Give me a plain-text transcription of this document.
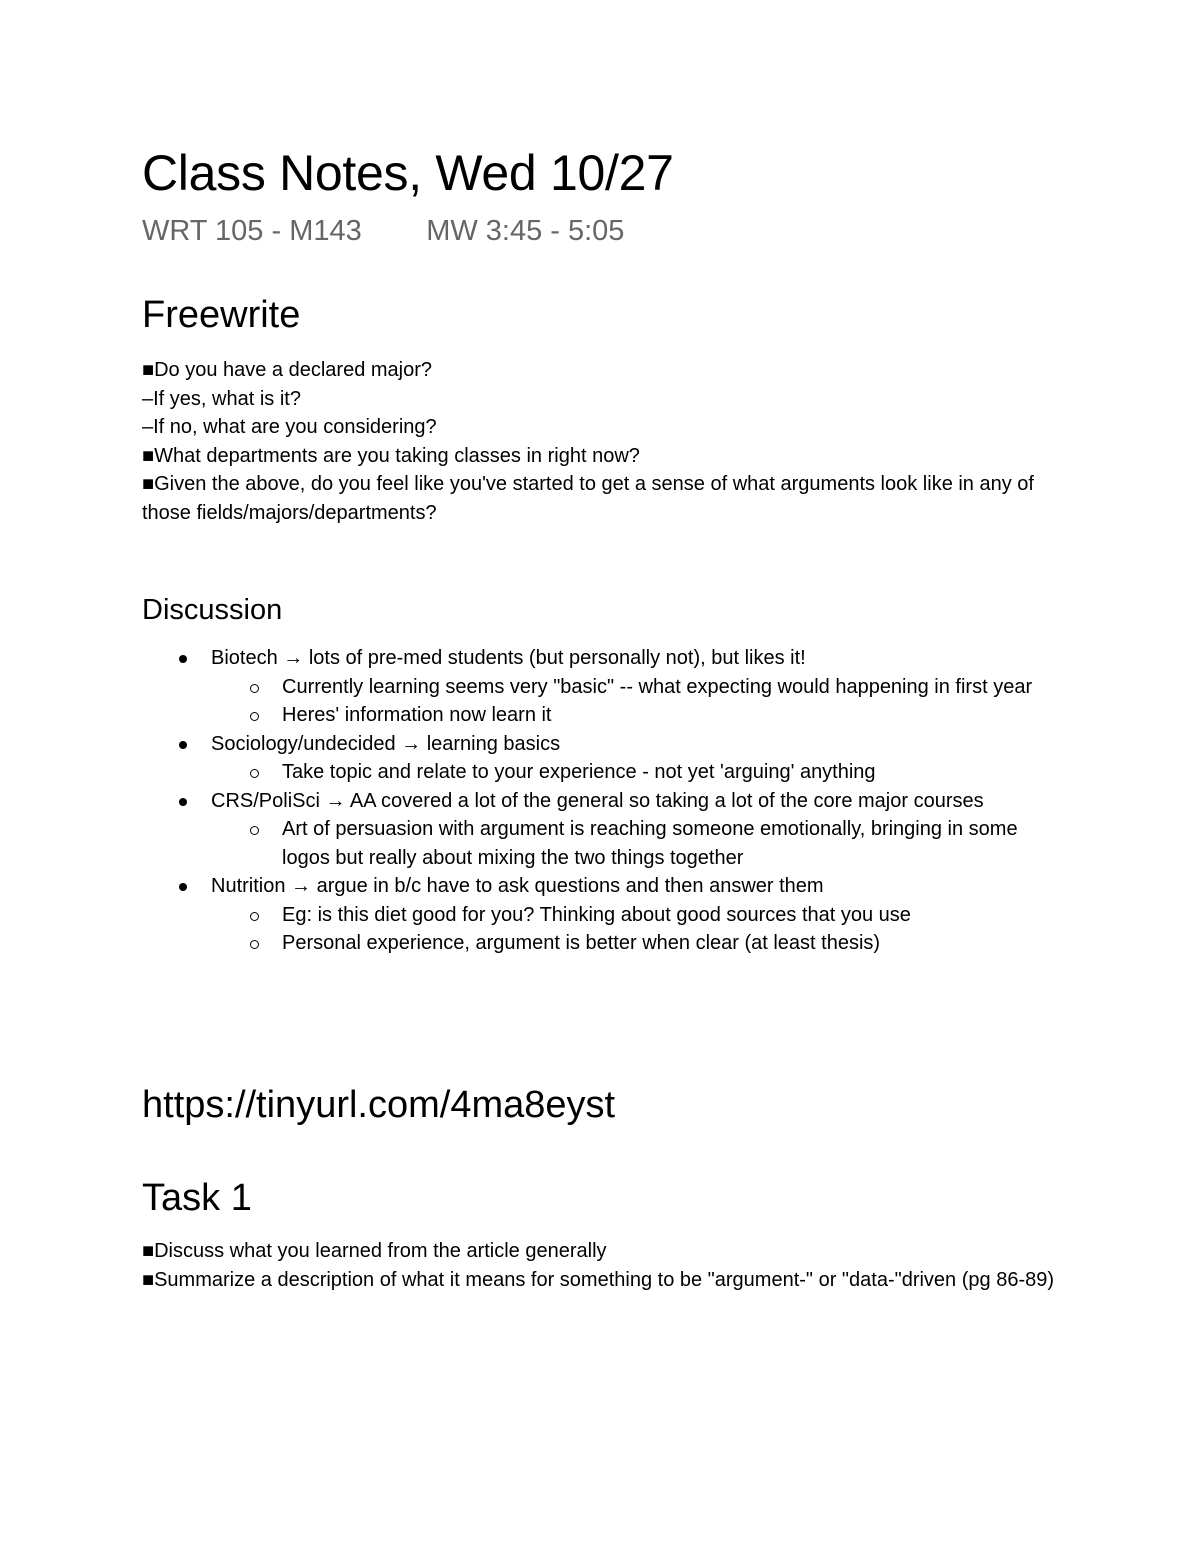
Class Notes, Wed 10/27
WRT 105 - M143        MW 3:45 - 5:05
Freewrite

■Do you have a declared major?

–If yes, what is it?

–If no, what are you considering?

■What departments are you taking classes in right now?

■Given the above, do you feel like you've started to get a sense of what arguments look like in any of those fields/majors/departments?

Discussion
Biotech → lots of pre-med students (but personally not), but likes it!
Currently learning seems very "basic" -- what expecting would happening in first year
Heres' information now learn it
Sociology/undecided → learning basics
Take topic and relate to your experience - not yet 'arguing' anything
CRS/PoliSci → AA covered a lot of the general so taking a lot of the core major courses
Art of persuasion with argument is reaching someone emotionally, bringing in some logos but really about mixing the two things together
Nutrition → argue in b/c have to ask questions and then answer them
Eg: is this diet good for you? Thinking about good sources that you use
Personal experience, argument is better when clear (at least thesis)
https://tinyurl.com/4ma8eyst
Task 1

■Discuss what you learned from the article generally

■Summarize a description of what it means for something to be "argument-" or "data-"driven (pg 86-89)
